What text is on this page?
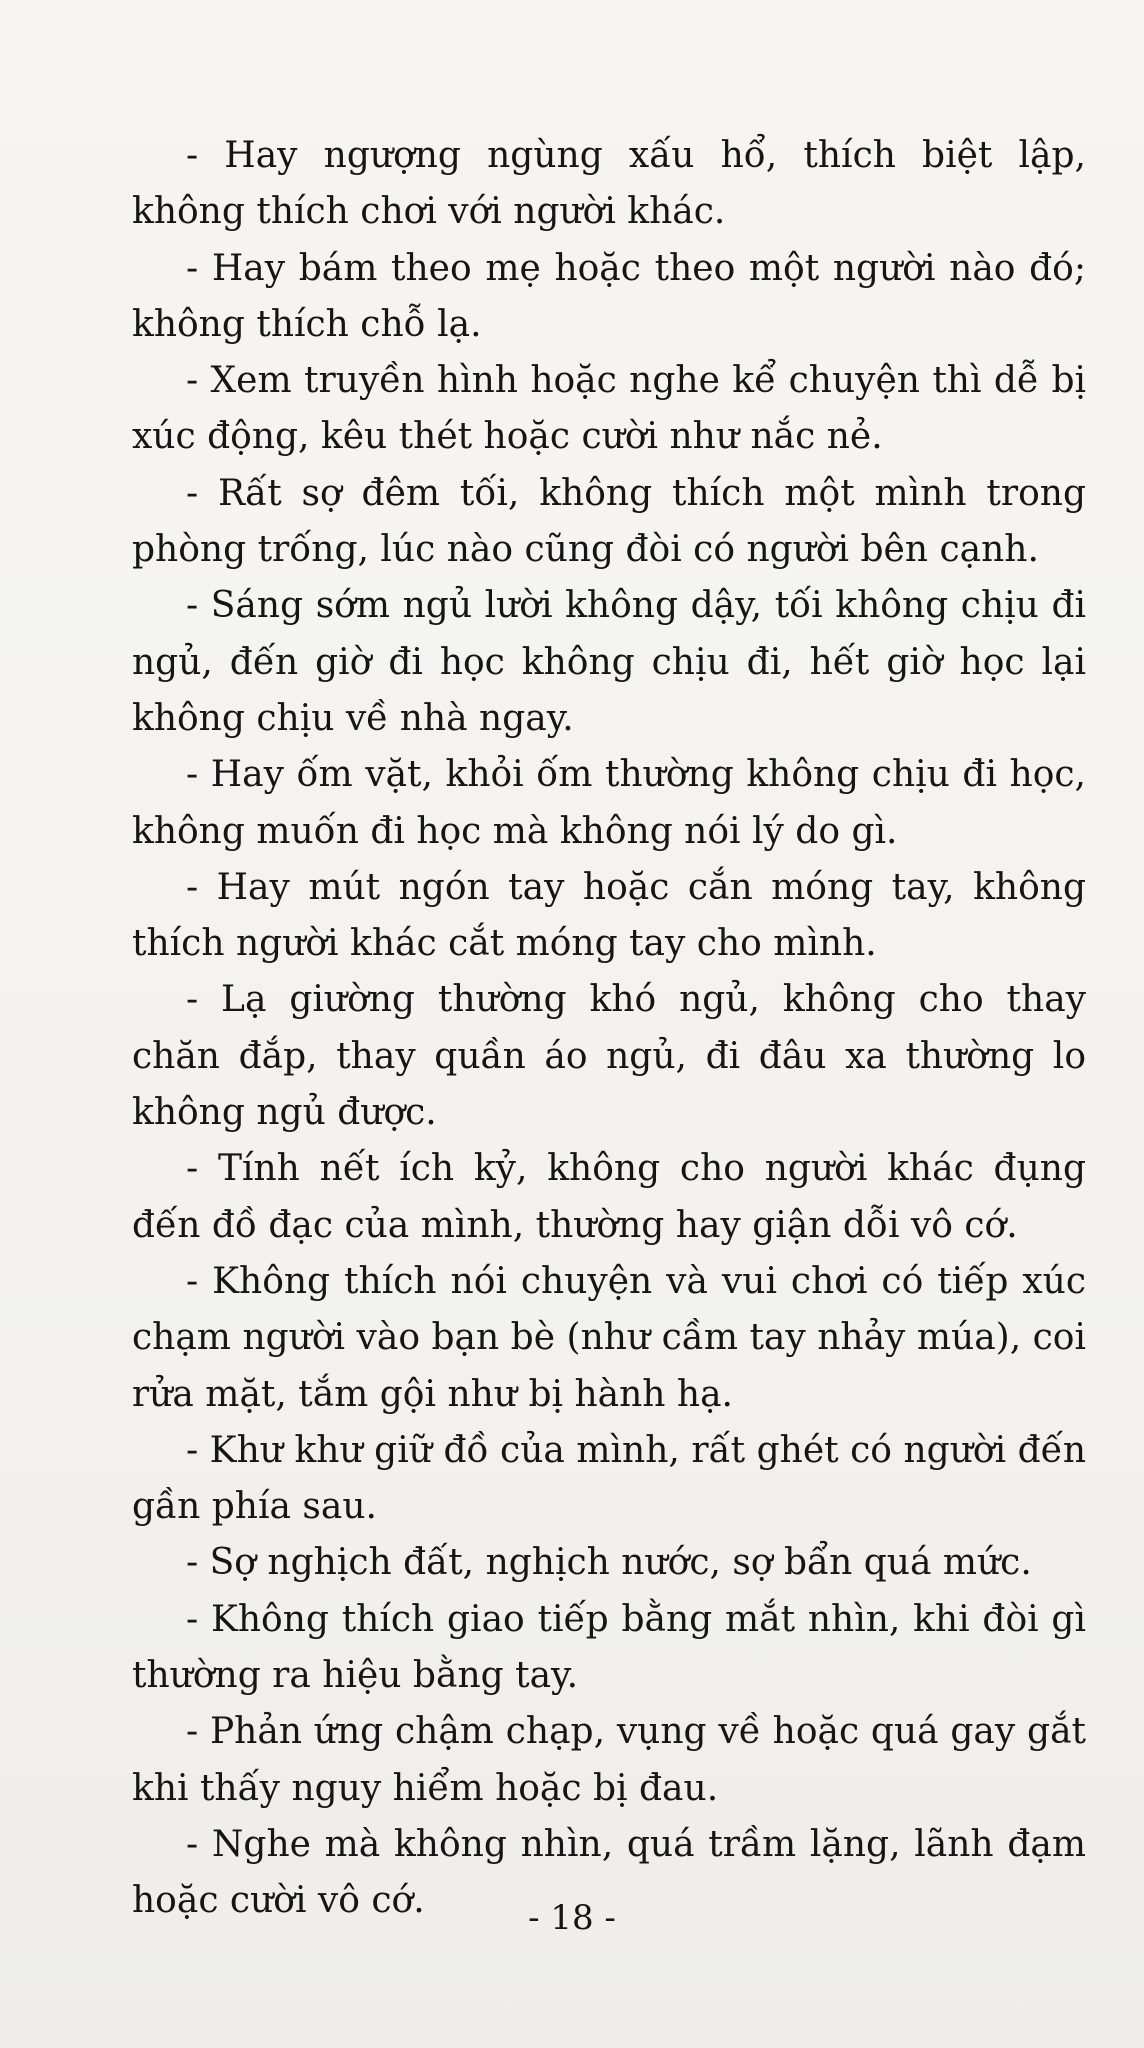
- Hay ngượng ngùng xấu hổ, thích biệt lập, không thích chơi với người khác.

- Hay bám theo mẹ hoặc theo một người nào đó; không thích chỗ lạ.

- Xem truyền hình hoặc nghe kể chuyện thì dễ bị xúc động, kêu thét hoặc cười như nắc nẻ.

- Rất sợ đêm tối, không thích một mình trong phòng trống, lúc nào cũng đòi có người bên cạnh.

- Sáng sớm ngủ lười không dậy, tối không chịu đi ngủ, đến giờ đi học không chịu đi, hết giờ học lại không chịu về nhà ngay.

- Hay ốm vặt, khỏi ốm thường không chịu đi học, không muốn đi học mà không nói lý do gì.

- Hay mút ngón tay hoặc cắn móng tay, không thích người khác cắt móng tay cho mình.

- Lạ giường thường khó ngủ, không cho thay chăn đắp, thay quần áo ngủ, đi đâu xa thường lo không ngủ được.

- Tính nết ích kỷ, không cho người khác đụng đến đồ đạc của mình, thường hay giận dỗi vô cớ.

- Không thích nói chuyện và vui chơi có tiếp xúc chạm người vào bạn bè (như cầm tay nhảy múa), coi rửa mặt, tắm gội như bị hành hạ.

- Khư khư giữ đồ của mình, rất ghét có người đến gần phía sau.

- Sợ nghịch đất, nghịch nước, sợ bẩn quá mức.

- Không thích giao tiếp bằng mắt nhìn, khi đòi gì thường ra hiệu bằng tay.

- Phản ứng chậm chạp, vụng về hoặc quá gay gắt khi thấy nguy hiểm hoặc bị đau.

- Nghe mà không nhìn, quá trầm lặng, lãnh đạm hoặc cười vô cớ.	- 18 -
